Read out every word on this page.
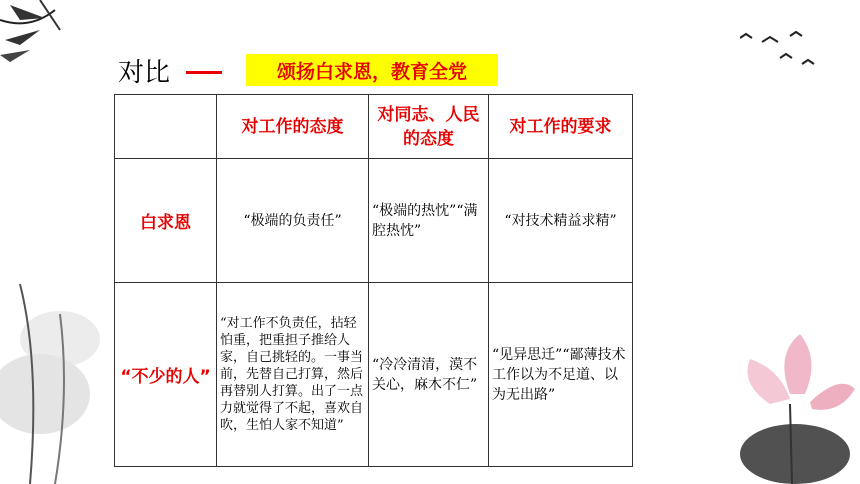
对比	颂扬白求恩，教育全党
	对工作的态度	对同志、人民的态度	对工作的要求
白求恩	“极端的负责任”	“极端的热忱”“满腔热忱”	“对技术精益求精”
“不少的人”	“对工作不负责任，拈轻怕重，把重担子推给人家，自己挑轻的。一事当前，先替自己打算，然后再替别人打算。出了一点力就觉得了不起，喜欢自吹，生怕人家不知道”	“冷冷清清，漠不关心，麻木不仁”	“见异思迁”“鄙薄技术工作以为不足道、以为无出路”
